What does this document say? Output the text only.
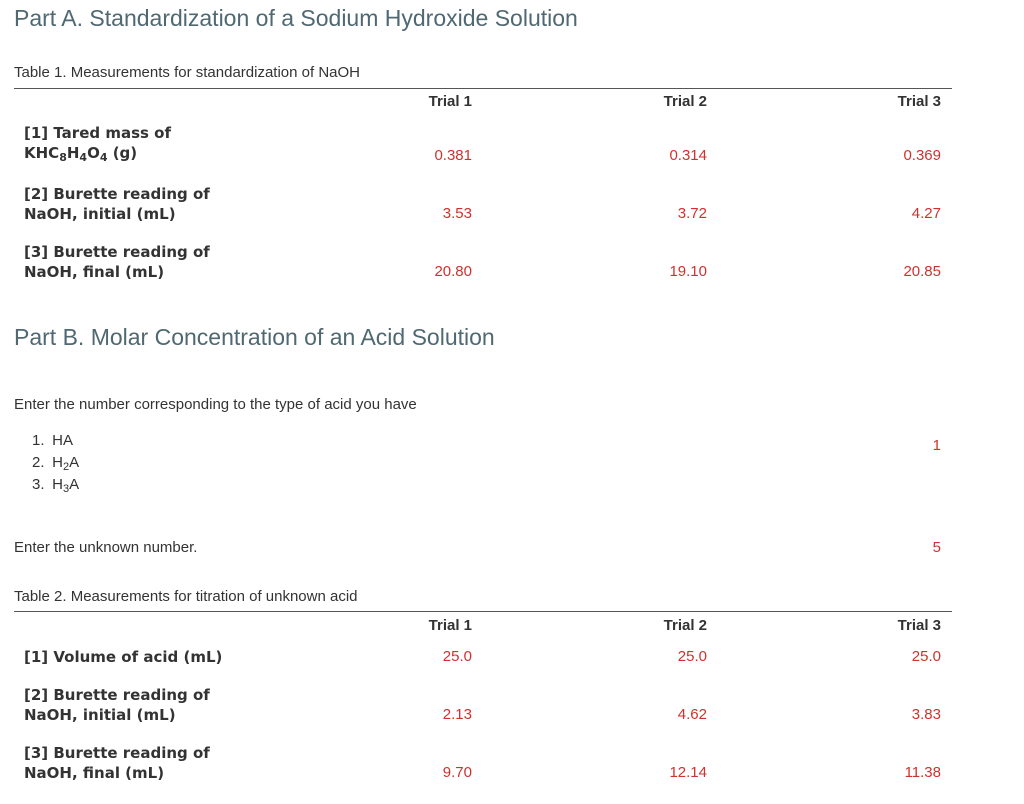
Part A. Standardization of a Sodium Hydroxide Solution
Table 1. Measurements for standardization of NaOH
Trial 1	Trial 2	Trial 3
[1] Tared mass of
$KHC_8H_4O_4$ (g)	0.381	0.314	0.369
[2] Burette reading of
NaOH, initial (mL)	3.53	3.72	4.27
[3] Burette reading of
NaOH, final (mL)	20.80	19.10	20.85
Part B. Molar Concentration of an Acid Solution
Enter the number corresponding to the type of acid you have
1. HA
2. $H_2A$
3. $H_3A$
1
Enter the unknown number.	5
Table 2. Measurements for titration of unknown acid
Trial 1	Trial 2	Trial 3
[1] Volume of acid (mL)	25.0	25.0	25.0
[2] Burette reading of
NaOH, initial (mL)	2.13	4.62	3.83
[3] Burette reading of
NaOH, final (mL)	9.70	12.14	11.38
